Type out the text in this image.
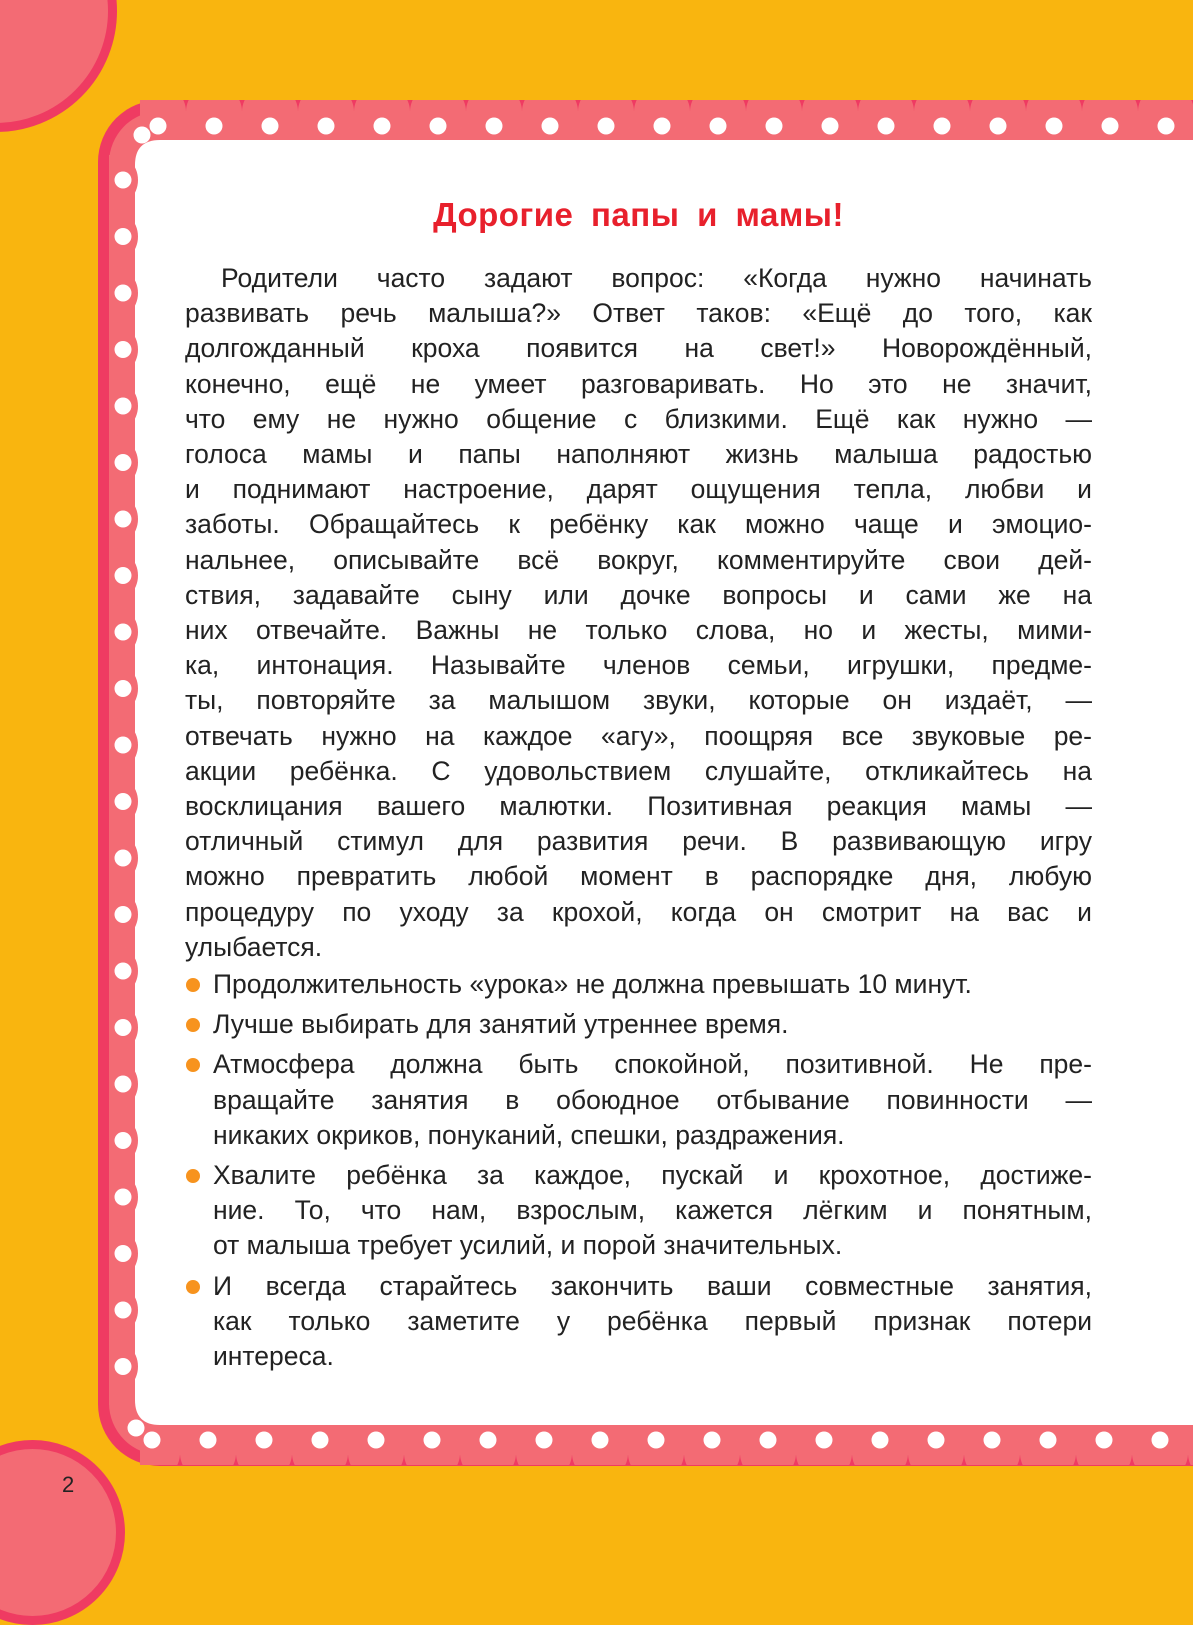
2
Дорогие папы и мамы!

Родители часто задают вопрос: «Когда нужно начинать
развивать речь малыша?» Ответ таков: «Ещё до того, как
долгожданный кроха появится на свет!» Новорождённый,
конечно, ещё не умеет разговаривать. Но это не значит,
что ему не нужно общение с близкими. Ещё как нужно —
голоса мамы и папы наполняют жизнь малыша радостью
и поднимают настроение, дарят ощущения тепла, любви и
заботы. Обращайтесь к ребёнку как можно чаще и эмоцио-
нальнее, описывайте всё вокруг, комментируйте свои дей-
ствия, задавайте сыну или дочке вопросы и сами же на
них отвечайте. Важны не только слова, но и жесты, мими-
ка, интонация. Называйте членов семьи, игрушки, предме-
ты, повторяйте за малышом звуки, которые он издаёт, —
отвечать нужно на каждое «агу», поощряя все звуковые ре-
акции ребёнка. С удовольствием слушайте, откликайтесь на
восклицания вашего малютки. Позитивная реакция мамы —
отличный стимул для развития речи. В развивающую игру
можно превратить любой момент в распорядке дня, любую
процедуру по уходу за крохой, когда он смотрит на вас и
улыбается.

Продолжительность «урока» не должна превышать 10 минут.
Лучше выбирать для занятий утреннее время.
Атмосфера должна быть спокойной, позитивной. Не пре-
вращайте занятия в обоюдное отбывание повинности —
никаких окриков, понуканий, спешки, раздражения.
Хвалите ребёнка за каждое, пускай и крохотное, достиже-
ние. То, что нам, взрослым, кажется лёгким и понятным,
от малыша требует усилий, и порой значительных.
И всегда старайтесь закончить ваши совместные занятия,
как только заметите у ребёнка первый признак потери
интереса.
